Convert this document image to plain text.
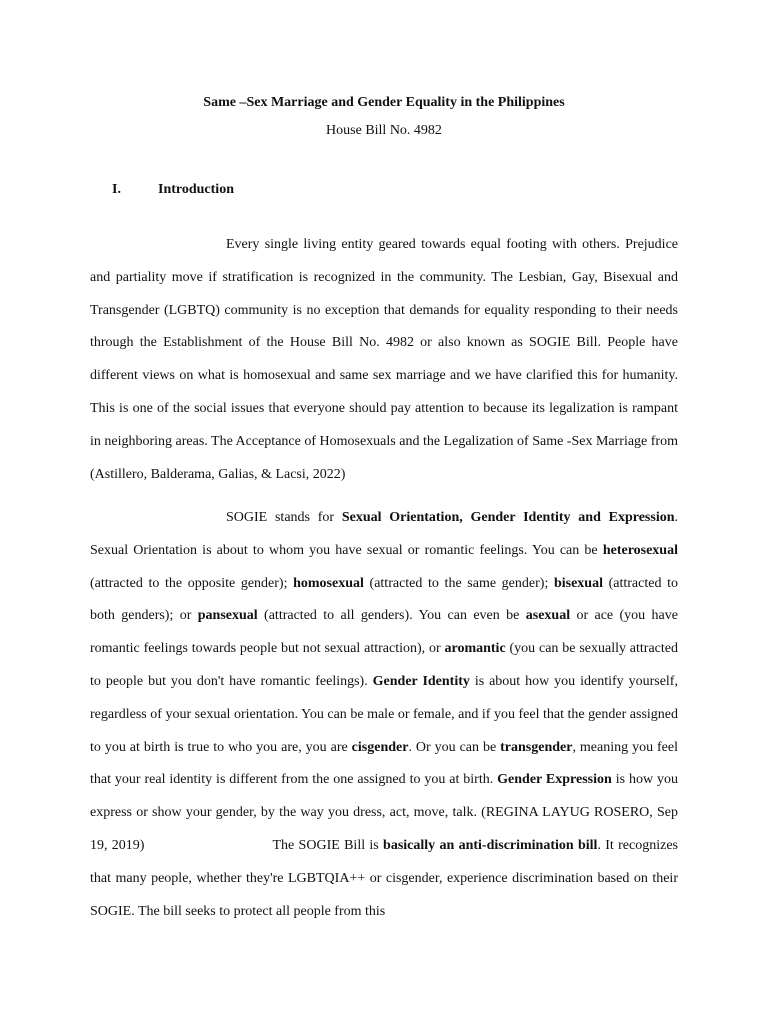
Same –Sex Marriage and Gender Equality in the Philippines
House Bill No. 4982
I.	Introduction

Every single living entity geared towards equal footing with others. Prejudice and partiality move if stratification is recognized in the community. The Lesbian, Gay, Bisexual and Transgender (LGBTQ) community is no exception that demands for equality responding to their needs through the Establishment of the House Bill No. 4982 or also known as SOGIE Bill. People have different views on what is homosexual and same sex marriage and we have clarified this for humanity. This is one of the social issues that everyone should pay attention to because its legalization is rampant in neighboring areas. The Acceptance of Homosexuals and the Legalization of Same -Sex Marriage from (Astillero, Balderama, Galias, & Lacsi, 2022)

SOGIE stands for Sexual Orientation, Gender Identity and Expression. Sexual Orientation is about to whom you have sexual or romantic feelings. You can be heterosexual (attracted to the opposite gender); homosexual (attracted to the same gender); bisexual (attracted to both genders); or pansexual (attracted to all genders). You can even be asexual or ace (you have romantic feelings towards people but not sexual attraction), or aromantic (you can be sexually attracted to people but you don't have romantic feelings). Gender Identity is about how you identify yourself, regardless of your sexual orientation. You can be male or female, and if you feel that the gender assigned to you at birth is true to who you are, you are cisgender. Or you can be transgender, meaning you feel that your real identity is different from the one assigned to you at birth. Gender Expression is how you express or show your gender, by the way you dress, act, move, talk. (REGINA LAYUG ROSERO, Sep 19, 2019)	The SOGIE Bill is basically an anti-discrimination bill. It recognizes that many people, whether they're LGBTQIA++ or cisgender, experience discrimination based on their SOGIE. The bill seeks to protect all people from this
